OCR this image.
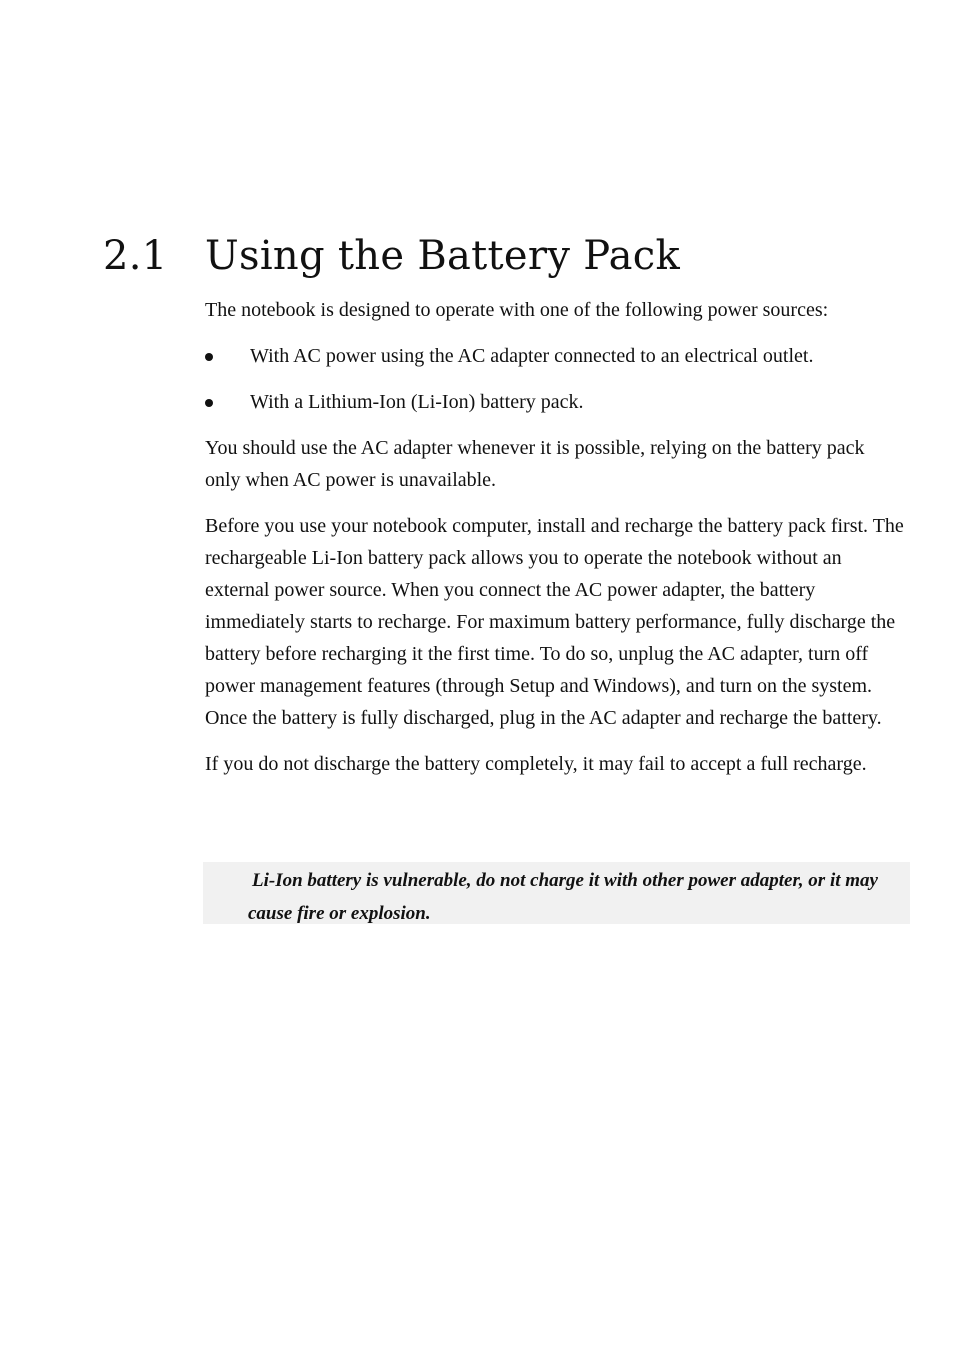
2.1 Using the Battery Pack

The notebook is designed to operate with one of the following power sources:

With AC power using the AC adapter connected to an electrical outlet.
With a Lithium-Ion (Li-Ion) battery pack.

You should use the AC adapter whenever it is possible, relying on the battery pack only when AC power is unavailable.

Before you use your notebook computer, install and recharge the battery pack first. The rechargeable Li-Ion battery pack allows you to operate the notebook without an external power source. When you connect the AC power adapter, the battery immediately starts to recharge. For maximum battery performance, fully discharge the battery before recharging it the first time. To do so, unplug the AC adapter, turn off power management features (through Setup and Windows), and turn on the system. Once the battery is fully discharged, plug in the AC adapter and recharge the battery.

If you do not discharge the battery completely, it may fail to accept a full recharge.

Li-Ion battery is vulnerable, do not charge it with other power adapter, or it may cause fire or explosion.
